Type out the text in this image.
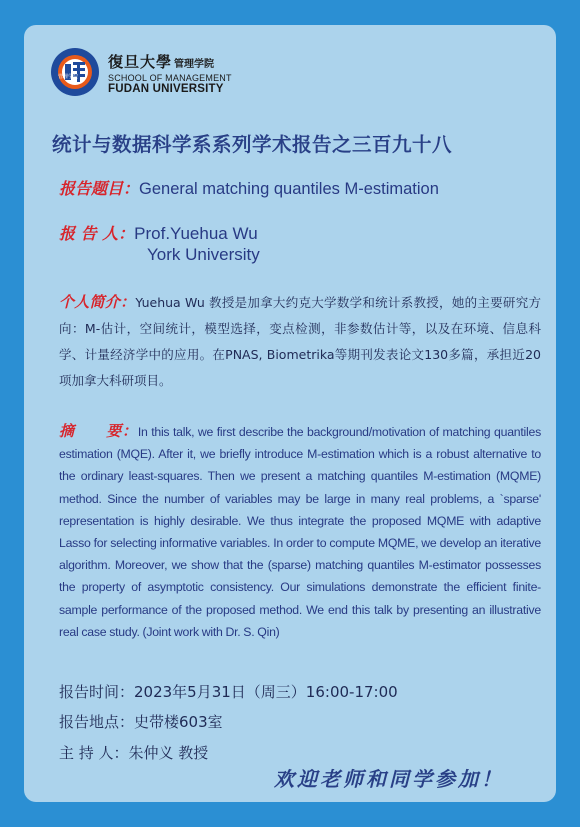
管理学院
復旦大學 管理学院
SCHOOL OF MANAGEMENT
FUDAN UNIVERSITY
统计与数据科学系系列学术报告之三百九十八
报告题目：General matching quantiles M-estimation
报 告 人：Prof.Yuehua Wu
York University
个人简介：Yuehua Wu 教授是加拿大约克大学数学和统计系教授，她的主要研究方向：M-估计，空间统计，模型选择，变点检测，非参数估计等，以及在环境、信息科学、计量经济学中的应用。在PNAS, Biometrika等期刊发表论文130多篇，承担近20项加拿大科研项目。
摘　　要：In this talk, we first describe the background/motivation of matching quantiles estimation (MQE). After it, we briefly introduce M-estimation which is a robust alternative to the ordinary least-squares. Then we present a matching quantiles M-estimation (MQME) method. Since the number of variables may be large in many real problems, a `sparse' representation is highly desirable. We thus integrate the proposed MQME with adaptive Lasso for selecting informative variables. In order to compute MQME, we develop an iterative algorithm. Moreover, we show that the (sparse) matching quantiles M-estimator possesses the property of asymptotic consistency. Our simulations demonstrate the efficient finite-sample performance of the proposed method. We end this talk by presenting an illustrative real case study. (Joint work with Dr. S. Qin)
报告时间：2023年5月31日（周三）16:00-17:00
报告地点：史带楼603室
主 持 人：朱仲义 教授
欢迎老师和同学参加！
